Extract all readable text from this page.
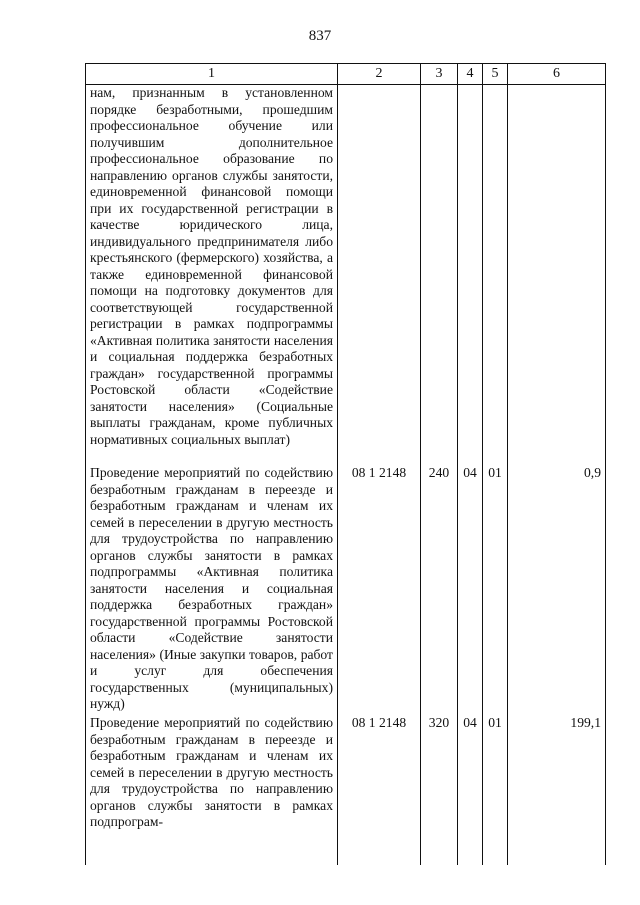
837
1	2	3	4	5	6
нам, признанным в установленном порядке безработными, прошедшим профессиональное обучение или получившим дополнительное профессиональное образование по направлению органов службы занятости, единовременной финансовой помощи при их государственной регистрации в качестве юридического лица, индивидуального предпринимателя либо крестьянского (фермерского) хозяйства, а также единовременной финансовой помощи на подготовку документов для соответствующей государственной регистрации в рамках подпрограммы «Активная политика занятости населения и социальная поддержка безработных граждан» государственной программы Ростовской области «Содействие занятости населения» (Социальные выплаты гражданам, кроме публичных нормативных социальных выплат)					
Проведение мероприятий по содействию безработным гражданам в переезде и безработным гражданам и членам их семей в переселении в другую местность для трудоустройства по направлению органов службы занятости в рамках подпрограммы «Активная политика занятости населения и социальная поддержка безработных граждан» государственной программы Ростовской области «Содействие занятости населения» (Иные закупки товаров, работ и услуг для обеспечения государственных (муниципальных) нужд)	08 1 2148	240	04	01	0,9
Проведение мероприятий по содействию безработным гражданам в переезде и безработным гражданам и членам их семей в переселении в другую местность для трудоустройства по направлению органов службы занятости в рамках подпрограм-	08 1 2148	320	04	01	199,1
